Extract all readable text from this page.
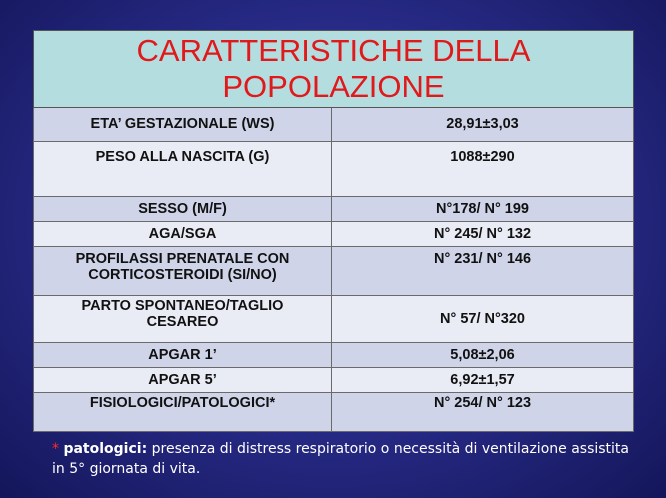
CARATTERISTICHE DELLA
POPOLAZIONE	

ETA’ GESTAZIONALE (WS)	28,91±3,03
PESO ALLA NASCITA (G)	1088±290
SESSO (M/F)	N°178/ N° 199
AGA/SGA	N° 245/ N° 132
PROFILASSI PRENATALE CON
CORTICOSTEROIDI (SI/NO)	N° 231/ N° 146
PARTO SPONTANEO/TAGLIO
CESAREO	N° 57/ N°320
APGAR 1’	5,08±2,06
APGAR 5’	6,92±1,57
FISIOLOGICI/PATOLOGICI*	N° 254/ N° 123
* patologici: presenza di distress respiratorio o necessità di ventilazione assistita in 5° giornata di vita.
